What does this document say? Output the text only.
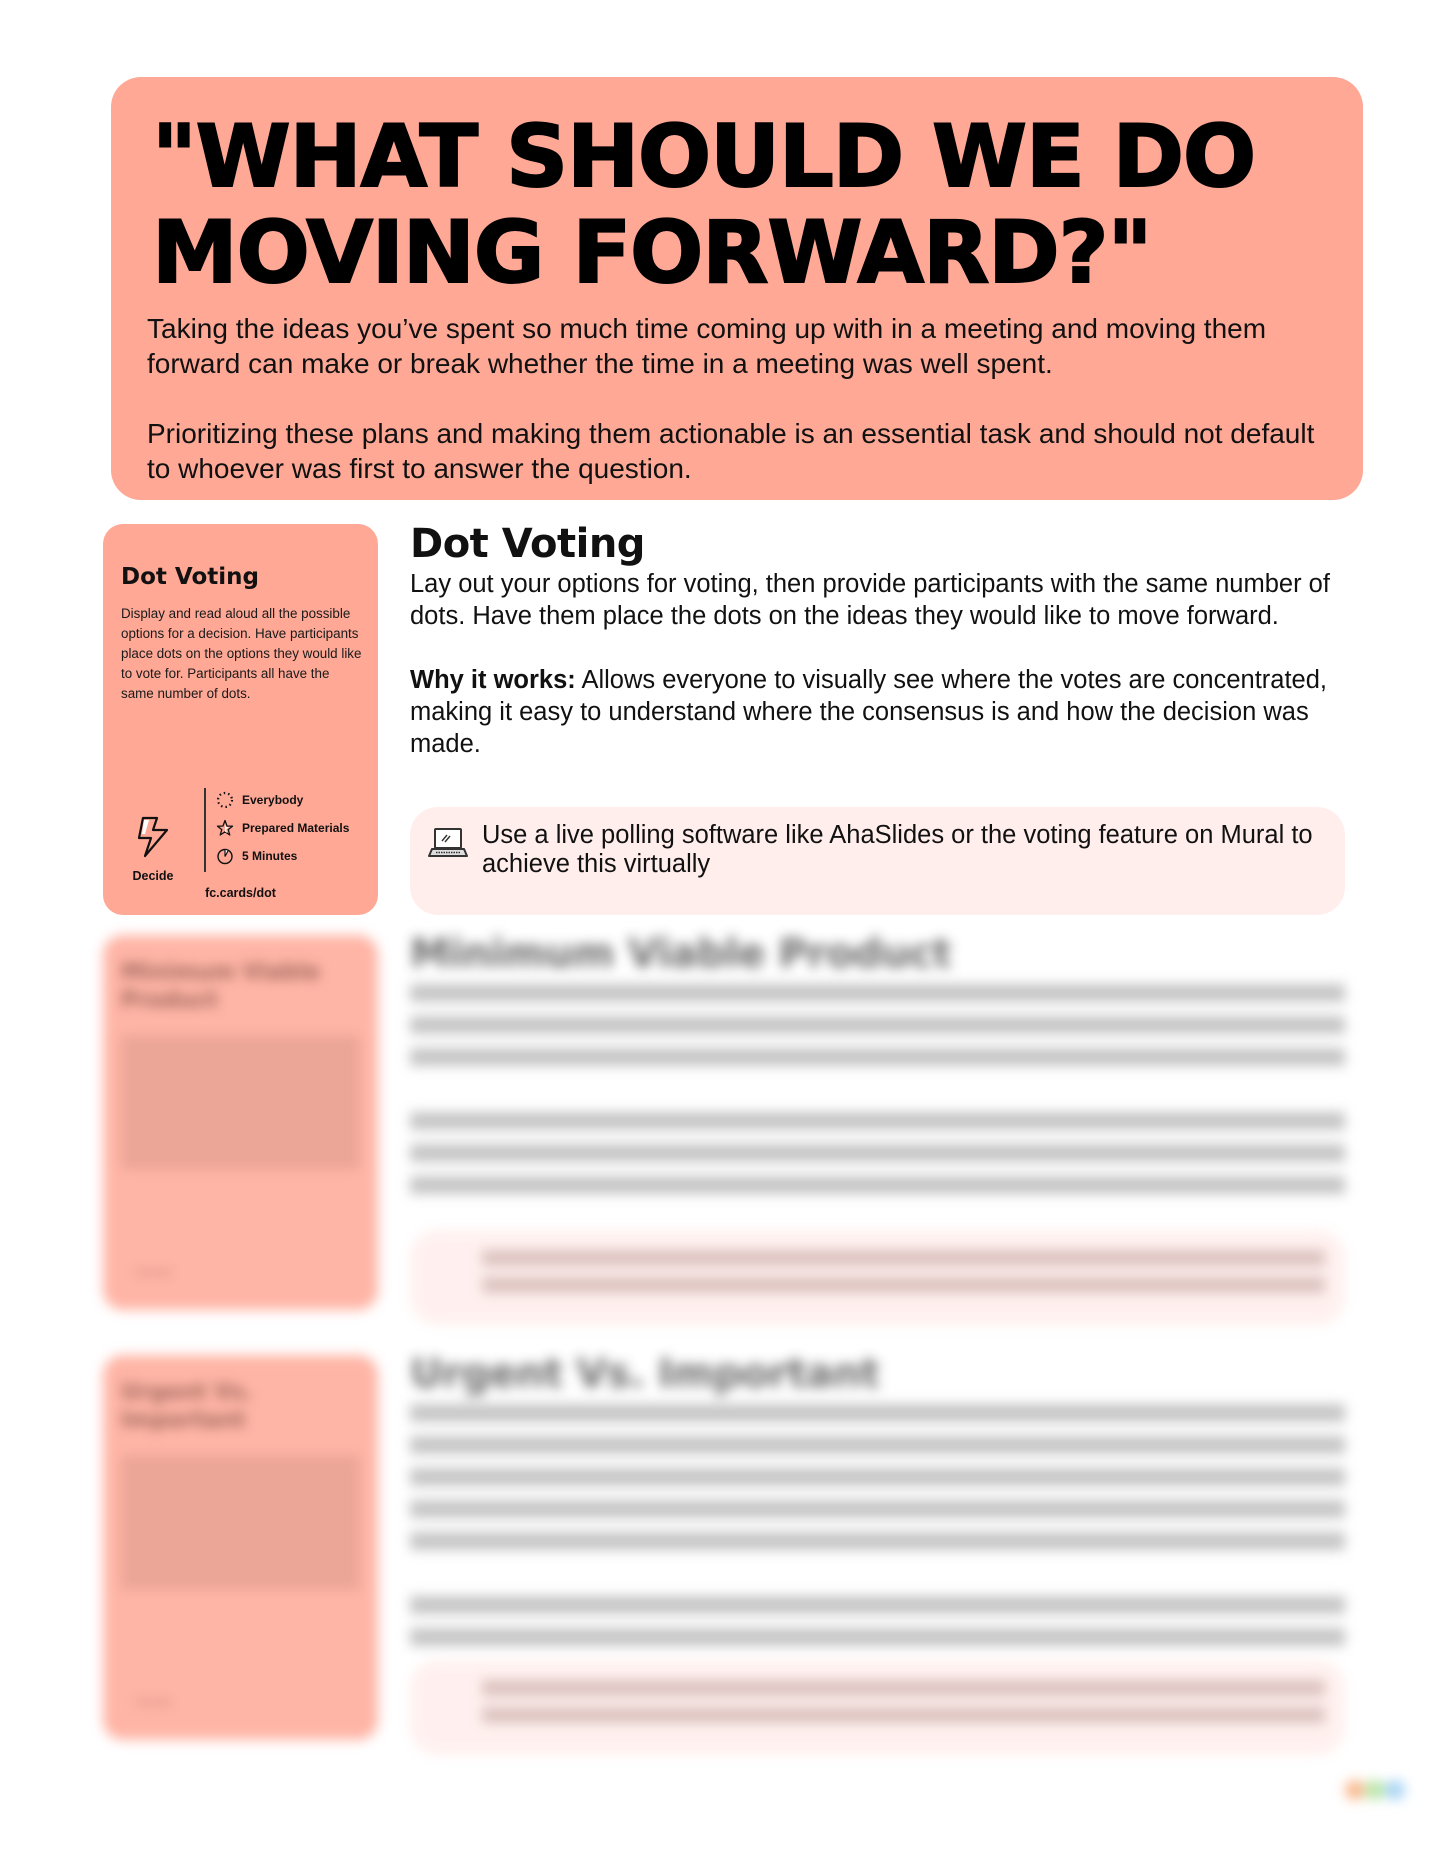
"WHAT SHOULD WE DO
MOVING FORWARD?"

Taking the ideas you’ve spent so much time coming up with in a meeting and moving them forward can make or break whether the time in a meeting was well spent.

Prioritizing these plans and making them actionable is an essential task and should not default to whoever was first to answer the question.

Dot Voting

Display and read aloud all the possible options for a decision. Have participants place dots on the options they would like to vote for. Participants all have the same number of dots.

Decide
Everybody
Prepared Materials
5 Minutes
fc.cards/dot
Dot Voting

Lay out your options for voting, then provide participants with the same number of dots. Have them place the dots on the ideas they would like to move forward.

Why it works: Allows everyone to visually see where the votes are concentrated, making it easy to understand where the consensus is and how the decision was made.

Use a live polling software like AhaSlides or the voting feature on Mural to achieve this virtually

Minimum Viable Product
Decide
Minimum Viable Product
Urgent Vs. Important
Decide
Urgent Vs. Important
